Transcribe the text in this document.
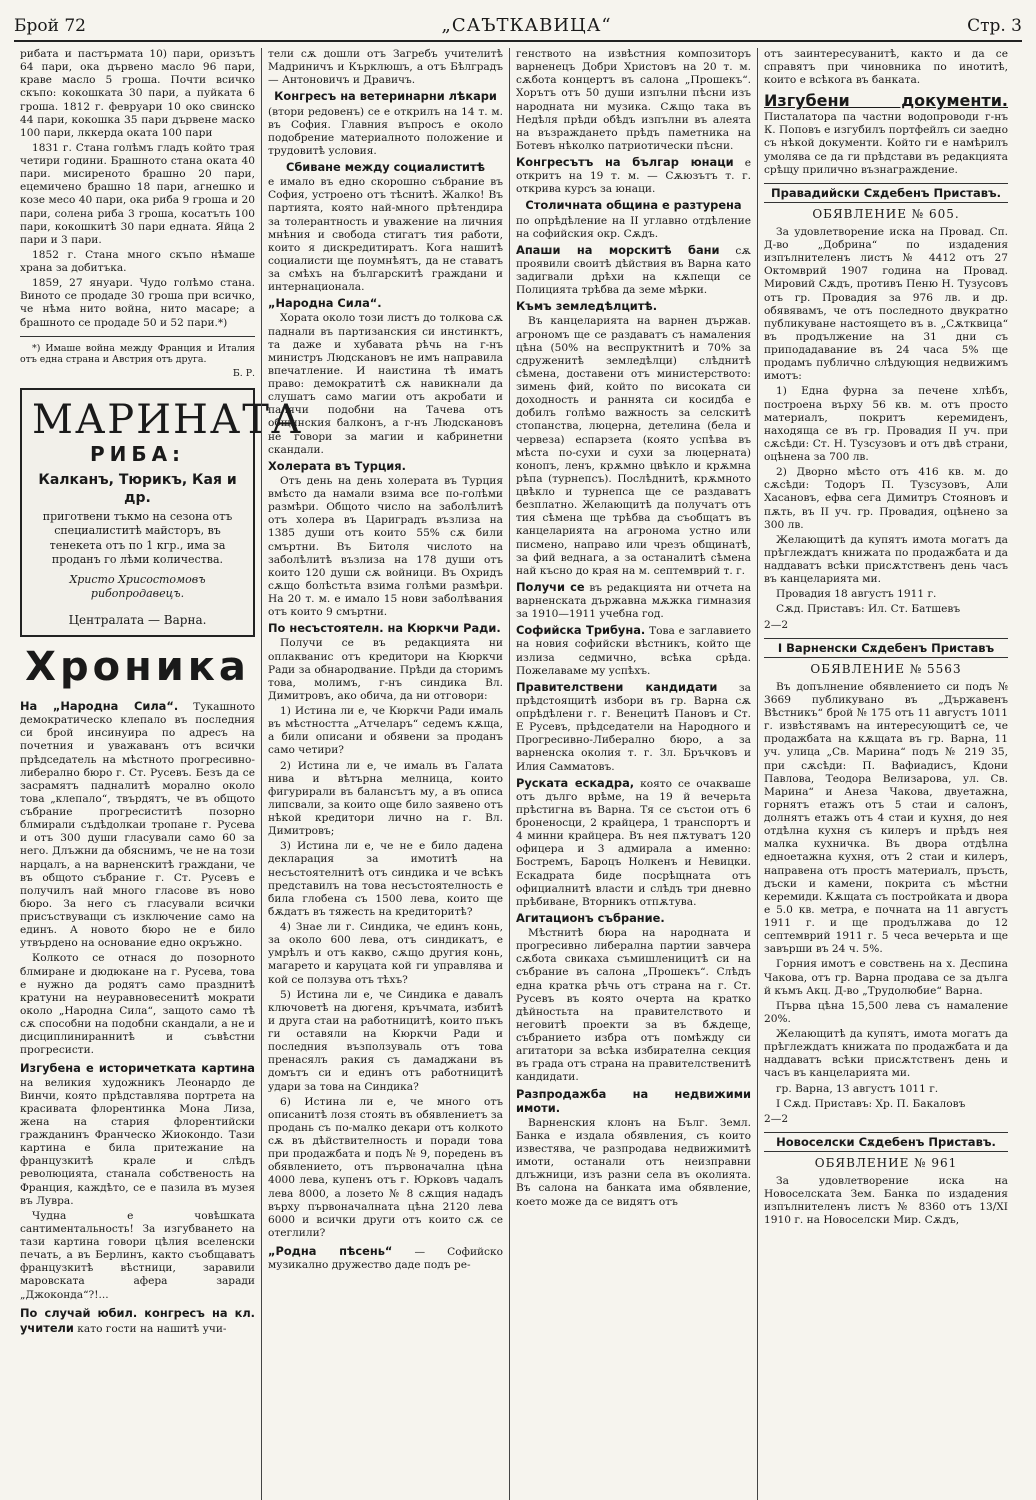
Брой 72	„САЪТКАВИЦА“	Стр. 3

рибата и пастърмата 10) пари, оризътъ 64 пари, ока дървено масло 96 пари, краве масло 5 гроша. Почти всичко скъпо: кокошката 30 пари, а пуйката 6 гроша. 1812 г. февруари 10 око свинско 44 пари, кокошка 35 пари дървене маско 100 пари, лккерда оката 100 пари

1831 г. Стана голѣмъ гладъ който трая четири години. Брашното стана оката 40 пари. мисиреното брашно 20 пари, ецемичено брашно 18 пари, агнешко и козе месо 40 пари, ока риба 9 гроша и 20 пари, солена риба 3 гроша, косатъть 100 пари, кокошкитѣ 30 пари едната. Яйца 2 пари и 3 пари.

1852 г. Стана много скъпо нѣмаше храна за добитъка.

1859, 27 януари. Чудо голѣмо стана. Виното се продаде 30 гроша при всичко, че нѣма нито война, нито масаре; а брашното се продаде 50 и 52 пари.*)

*) Имаше война между Франция и Италия отъ една страна и Австрия отъ друга.

Б. Р.

МАРИНАТА
РИБА:
Калканъ, Тюрикъ, Кая и др.
приготвени тъкмо на сезона отъ специалиститѣ майсторъ, въ тенекета отъ по 1 кгр., има за проданъ го лѣми количества.
Христо Хрисостомовъ рибопродавецъ.
Централата — Варна.
Хроника

На „Народна Сила“. Тукашното демократическо клепало въ последния си брой инсинуира по адресъ на почетния и уважаванъ отъ всички прѣдседатель на мѣстното прогресивно-либерално бюро г. Ст. Русевъ. Безъ да се засрамятъ падналитѣ морално около това „клепало“, твърдятъ, че въ общото събрание прогресиститѣ позорно блмирали съдѣдолкаи тропане г. Русева и отъ 300 души гласували само 60 за него. Длъжни да обяснимъ, че не на този нарцалъ, а на варненскитѣ граждани, че въ общото събрание г. Ст. Русевъ е получилъ най много гласове въ ново бюро. За него съ гласували всички присъствуващи съ изключение само на единъ. А новото бюро не е било утвърдено на основание едно окръжно.

Колкото се отнася до позорното блмиране и дюдюкане на г. Русева, това е нужно да родятъ само празднитѣ кратуни на неуравновесенитѣ мократи около „Народна Сила“, защото само тѣ сѫ способни на подобни скандали, а не и дисциплинираннитѣ и съвѣстни прогресисти.

Изгубена е историчетката картина на великия художникъ Леонардо де Винчи, която прѣдставлява портрета на красивата флорентинка Мона Лиза, жена на стария флорентийски гражданинъ Франческо Жиокондо. Тази картина е била притежание на французкитѣ крале и слѣдъ революцията, станала собственость на Франция, каждѣто, се е пазила въ музея въ Лувра.

Чудна е човѣшката сантиментальность! За изгубването на тази картина говори цѣлия вселенски печать, а въ Берлинъ, както съобщаватъ французкитѣ вѣстници, заравили маровската афера заради „Джоконда“?!...

По случай юбил. конгресъ на кл. учители като гости на нашитѣ учи-

тели сѫ дошли отъ Загребъ учителитѣ Мадриничъ и Кърклюшъ, а отъ Бѣлградъ — Антоновичъ и Дравичъ.

Конгресъ на ветеринарни лѣкари

(втори редовенъ) се е открилъ на 14 т. м. въ София. Главния въпросъ е около подобрение материалното положение и трудовитѣ условия.

Сбиване между социалиститѣ

е имало въ едно скорошно събрание въ София, устроено отъ тѣснитѣ. Жалко! Въ партията, която най-много прѣтендира за толерантность и уважение на личния мнѣния и свобода стигатъ тия работи, които я дискредитиратъ. Кога нашитѣ социалисти ще поумнѣятъ, да не ставатъ за смѣхъ на българскитѣ граждани и интернационала.

„Народна Сила“.

Хората около този листъ до толкова сѫ паднали въ партизанския си инстинктъ, та даже и хубавата рѣчь на г-нъ министръ Людскановъ не имъ направила впечатление. И наистина тѣ иматъ право: демократитѣ сѫ навикнали да слушатъ само магии отъ акробати и палячи подобни на Тачева отъ общинския балконъ, а г-нъ Людскановъ не говори за магии и кабринетни скандали.

Холерата въ Турция.

Отъ день на день холерата въ Турция вмѣсто да намали взима все по-голѣми размѣри. Общото число на заболѣлитѣ отъ холера въ Цариградъ възлиза на 1385 души отъ които 55% сѫ били смъртни. Въ Битоля числото на заболѣлитѣ възлиза на 178 души отъ които 120 души сѫ войници. Въ Охридъ сѫщо болѣстьта взима голѣми размѣри. На 20 т. м. е имало 15 нови заболѣвания отъ които 9 смъртни.

По несъстоятелн. на Кюркчи Ради.

Получи се въ редакцията ни оплакванис отъ кредитори на Кюркчи Ради за обнародвание. Прѣди да сторимъ това, молимъ, г-нъ синдика Вл. Димитровъ, ако обича, да ни отговори:

1) Истина ли е, че Кюркчи Ради ималь въ мѣстността „Атчеларъ“ седемъ кѫща, а били описани и обявени за проданъ само четири?

2) Истина ли е, че ималь въ Галата нива и вѣтърна мелница, които фигурирали въ балансътъ му, а въ описа липсвали, за които още било заявено отъ нѣкой кредитори лично на г. Вл. Димитровъ;

3) Истина ли е, че не е било дадена декларация за имотитѣ на несъстоятелнитѣ отъ синдика и че всѣкъ представилъ на това несъстоятелность е била глобена съ 1500 лева, които ще бѫдатъ въ тяжесть на кредиторитѣ?

4) Знае ли г. Синдика, че единъ конь, за около 600 лева, отъ синдикатъ, е умрѣлъ и отъ какво, сѫщо другия конь, магарето и каруцата кой ги управлява и кой се ползува отъ тѣхъ?

5) Истина ли е, че Синдика е давалъ ключоветѣ на дюгеня, кръчмата, избитѣ и друга стаи на работницитѣ, които пъкъ ги оставяли на Кюркчи Ради и последния възползуваль отъ това пренасялъ ракия съ дамаджани въ домътъ си и единъ отъ работницитѣ удари за това на Синдика?

6) Истина ли е, че много отъ описанитѣ лозя стоять въ обявлениетъ за продань съ по-малко декари отъ колкото сѫ въ дѣйствителность и поради това при продажбата и подъ № 9, поредень въ обявлението, отъ първоначална цѣна 4000 лева, купенъ отъ г. Юрковъ чадалъ лева 8000, а лозето № 8 сѫщия нададъ върху първоначалната цѣна 2120 лева 6000 и всички други отъ които сѫ се отеглили?

„Родна пѣсень“ — Софийско музикално дружество даде подъ ре-

генството на извѣстния композиторъ варненецъ Добри Христовъ на 20 т. м. сѫбота концертъ въ салона „Прошекъ“. Хорътъ отъ 50 души изпълни пѣсни изъ народната ни музика. Сѫщо така въ Недѣля прѣди обѣдъ изпълни въ алеята на възраждането прѣдъ паметника на Ботевъ нѣколко патриотически пѣсни.

Конгресътъ на българ юнаци е откритъ на 19 т. м. — Сѫюзътъ т. г. открива курсъ за юнаци.

Столичната община е разтурена

по опрѣдѣление на II углавно отдѣление на софийския окр. Сѫдъ.

Апаши на морскитѣ бани сѫ проявили своитѣ дѣйствия въ Варна като задигвали дрѣхи на кѫпещи се Полицията трѣбва да земе мѣрки.

Къмъ земледѣлцитѣ.

Въ канцеларията на варнен държав. агрономъ ще се раздаватъ съ намаления цѣна (50% на веспруктнитѣ и 70% за сдруженитѣ земледѣлци) слѣднитѣ сѣмена, доставени отъ министерството: зимень фий, който по високата си доходность и раннята си косидба е добилъ голѣмо важность за селскитѣ стопанства, люцерна, детелина (бела и червеза) еспарзета (която успѣва въ мѣста по-сухи и сухи за люцерната) конопъ, ленъ, крѫмно цвѣкло и крѫмна рѣпа (турнепсъ). Послѣднитѣ, крѫмното цвѣкло и турнепса ще се раздаватъ безплатно. Желающитѣ да получатъ отъ тия сѣмена ще трѣбва да съобщатъ въ канцеларията на агронома устно или писмено, направо или чрезъ общинатѣ, за фий веднага, а за останалитѣ сѣмена най късно до края на м. септемврий т. г.

Получи се въ редакцията ни отчета на варненската държавна мѫжка гимназия за 1910—1911 учебна год.

Софийска Трибуна. Това е заглавието на новия софийски вѣстникъ, който ще излиза седмично, всѣка срѣда. Пожелаваме му успѣхъ.

Правителствени кандидати за прѣдстоящитѣ избори въ гр. Варна сѫ опрѣдѣлени г. г. Венецитѣ Пановъ и Ст. Е Русевъ, прѣдседатели на Народного и Прогресивно-Либерално бюро, а за варненска околия т. г. Зл. Бръчковъ и Илия Самматовъ.

Руската ескадра, която се очакваше отъ дълго врѣме, на 19 й вечерьта прѣстигна въ Варна. Тя се състои отъ 6 броненосци, 2 крайцера, 1 транспортъ и 4 минни крайцера. Въ нея пѫтуватъ 120 офицера и 3 адмирала а именно: Бостремъ, Бароцъ Нолкенъ и Невицки. Ескадрата биде посрѣщната отъ официалнитѣ власти и слѣдъ три дневно прѣбиване, Вторникъ отпѫтува.

Агитационъ събрание.

Мѣстнитѣ бюра на народната и прогресивно либерална партии завчера сѫбота свикаха съмишленицитѣ си на събрание въ салона „Прошекъ“. Слѣдъ една кратка рѣчь отъ страна на г. Ст. Русевъ въ която очерта на кратко дѣйностьта на правителството и неговитѣ проекти за въ бѫдеще, събранието избра отъ помѣжду си агитатори за всѣка избирателна секция въ града отъ страна на правителственитѣ кандидати.

Разпродажба на недвижими имоти.

Варненския клонъ на Бълг. Земл. Банка е издала обявления, съ които известява, че разпродава недвижимитѣ имоти, останали отъ неизправни длъжници, изъ разни села въ околията. Въ салона на банката има обявление, което може да се видятъ отъ

отъ заинтересуванитѣ, както и да се справятъ при чиновника по инотитѣ, които е всѣкога въ банката.

Изгубени документи. Писталатора па частни водопроводи г-нъ К. Поповъ е изгубилъ портфейлъ си заедно съ нѣкой документи. Който ги е намѣрилъ умолява се да ги прѣдстави въ редакцията срѣщу прилично възнаграждение.

Правадийски Сѫдебенъ Приставъ.
ОБЯВЛЕНИЕ № 605.

За удовлетворение иска на Провад. Сп. Д-во „Добрина“ по издадения изпълнителенъ листъ № 4412 отъ 27 Октомврий 1907 година на Провад. Мировий Сѫдъ, противъ Пеню Н. Тузусовъ отъ гр. Провадия за 976 лв. и др. обявявамъ, че отъ последното двукратно публикуване настоящето въ в. „Сѫтквица“ въ продължение на 31 дни съ приподадавание въ 24 часа 5% ще продамъ публично слѣдующия недвижимъ имотъ:

1) Една фурна за печене хлѣбъ, построена върху 56 кв. м. отъ просто материалъ, покритъ керемиденъ, находяща се въ гр. Провадия II уч. при сѫсѣди: Ст. Н. Тузсузовъ и отъ двѣ страни, оцѣнена за 700 лв.

2) Дворно мѣсто отъ 416 кв. м. до сѫсѣди: Тодоръ П. Тузсузовъ, Али Хасановъ, ефва сега Димитръ Стояновъ и пѫть, въ II уч. гр. Провадия, оцѣнено за 300 лв.

Желающитѣ да купятъ имота могатъ да прѣглеждатъ книжата по продажбата и да наддаватъ всѣки присѫтственъ день часъ въ канцеларията ми.

Провадия 18 августъ 1911 г.

Сѫд. Приставъ: Ил. Ст. Батшевъ

2—2

I Варненски Сѫдебенъ Приставъ
ОБЯВЛЕНИЕ № 5563

Въ допълнение обявлението си подъ № 3669 публикувано въ „Държавенъ Вѣстникъ“ брой № 175 отъ 11 августъ 1011 г. извѣстявамъ на интересующитѣ се, че продажбата на кѫщата въ гр. Варна, 11 уч. улица „Св. Марина“ подъ № 219 35, при сѫсѣди: П. Вафиадисъ, Кдони Павлова, Теодора Велизарова, ул. Св. Марина“ и Анеза Чакова, двуетажна, горнятъ етажъ отъ 5 стаи и салонъ, долнятъ етажъ отъ 4 стаи и кухня, до нея отдѣлна кухня съ килеръ и прѣдъ нея малка кухничка. Въ двора отдѣлна едноетажна кухня, отъ 2 стаи и килеръ, направена отъ простъ материалъ, пръсть, дъски и камени, покрита съ мѣстни керемиди. Кѫщата съ постройката и двора е 5.0 кв. метра, е почната на 11 августъ 1911 г. и ще продължава до 12 септемврий 1911 г. 5 чеса вечерьта и ще завърши въ 24 ч. 5%.

Горния имотъ е совствень на х. Деспина Чакова, отъ гр. Варна продава се за дълга й къмъ Акц. Д-во „Трудолюбие“ Варна.

Първа цѣна 15,500 лева съ намаление 20%.

Желающитѣ да купятъ, имота могатъ да прѣглеждатъ книжата по продажбата и да наддаватъ всѣки присѫтственъ день и часъ въ канцеларията ми.

гр. Варна, 13 августъ 1011 г.

I Сѫд. Приставъ: Хр. П. Бакаловъ

2—2

Новоселски Сѫдебенъ Приставъ.
ОБЯВЛЕНИЕ № 961

За удовлетворение иска на Новоселската Зем. Банка по издадения изпълнителенъ листъ № 8360 отъ 13/XI 1910 г. на Новоселски Мир. Сѫдъ,
